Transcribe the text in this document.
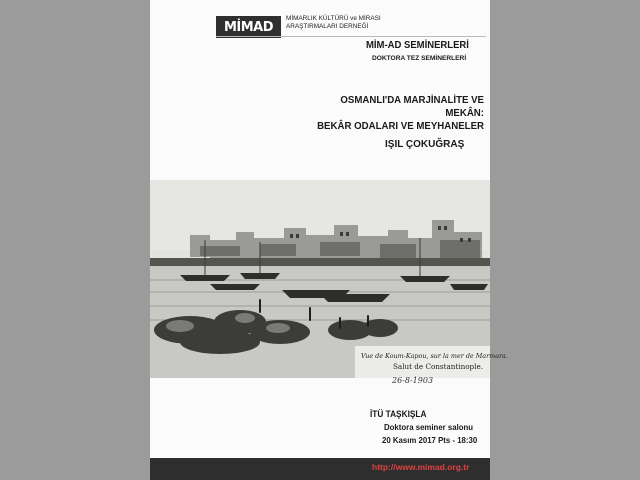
MİMAD
MİMARLIK KÜLTÜRÜ ve MİRASI
ARAŞTIRMALARI DERNEĞİ
MİM-AD SEMİNERLERİ
DOKTORA TEZ SEMİNERLERİ
OSMANLI'DA MARJİNALİTE VE MEKÂN:
BEKÂR ODALARI VE MEYHANELER
IŞIL ÇOKUĞRAŞ
Vue de Koum-Kapou, sur la mer de Marmara.
Salut de Constantinople.
26-8-1903
İTÜ TAŞKIŞLA
Doktora seminer salonu
20 Kasım 2017 Pts - 18:30
http://www.mimad.org.tr
